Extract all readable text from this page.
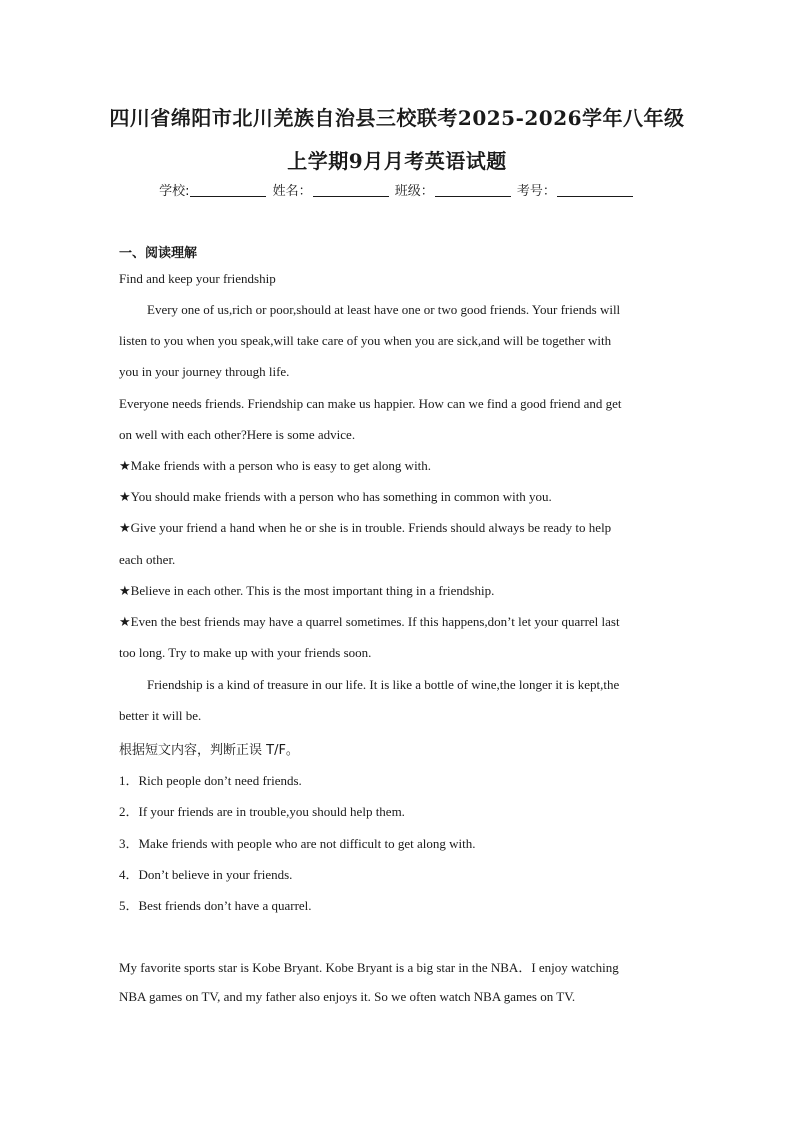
四川省绵阳市北川羌族自治县三校联考2025-2026学年八年级
上学期9月月考英语试题
学校:	姓名：	班级：	考号：
一、阅读理解
Find and keep your friendship
Every one of us,rich or poor,should at least have one or two good friends. Your friends will
listen to you when you speak,will take care of you when you are sick,and will be together with
you in your journey through life.
Everyone needs friends. Friendship can make us happier. How can we find a good friend and get
on well with each other?Here is some advice.
★Make friends with a person who is easy to get along with.
★You should make friends with a person who has something in common with you.
★Give your friend a hand when he or she is in trouble. Friends should always be ready to help
each other.
★Believe in each other. This is the most important thing in a friendship.
★Even the best friends may have a quarrel sometimes. If this happens,don’t let your quarrel last
too long. Try to make up with your friends soon.
Friendship is a kind of treasure in our life. It is like a bottle of wine,the longer it is kept,the
better it will be.
根据短文内容，判断正误 T/F。
1．Rich people don’t need friends.
2．If your friends are in trouble,you should help them.
3．Make friends with people who are not difficult to get along with.
4．Don’t believe in your friends.
5．Best friends don’t have a quarrel.
My favorite sports star is Kobe Bryant. Kobe Bryant is a big star in the NBA．I enjoy watching
NBA games on TV, and my father also enjoys it. So we often watch NBA games on TV.
